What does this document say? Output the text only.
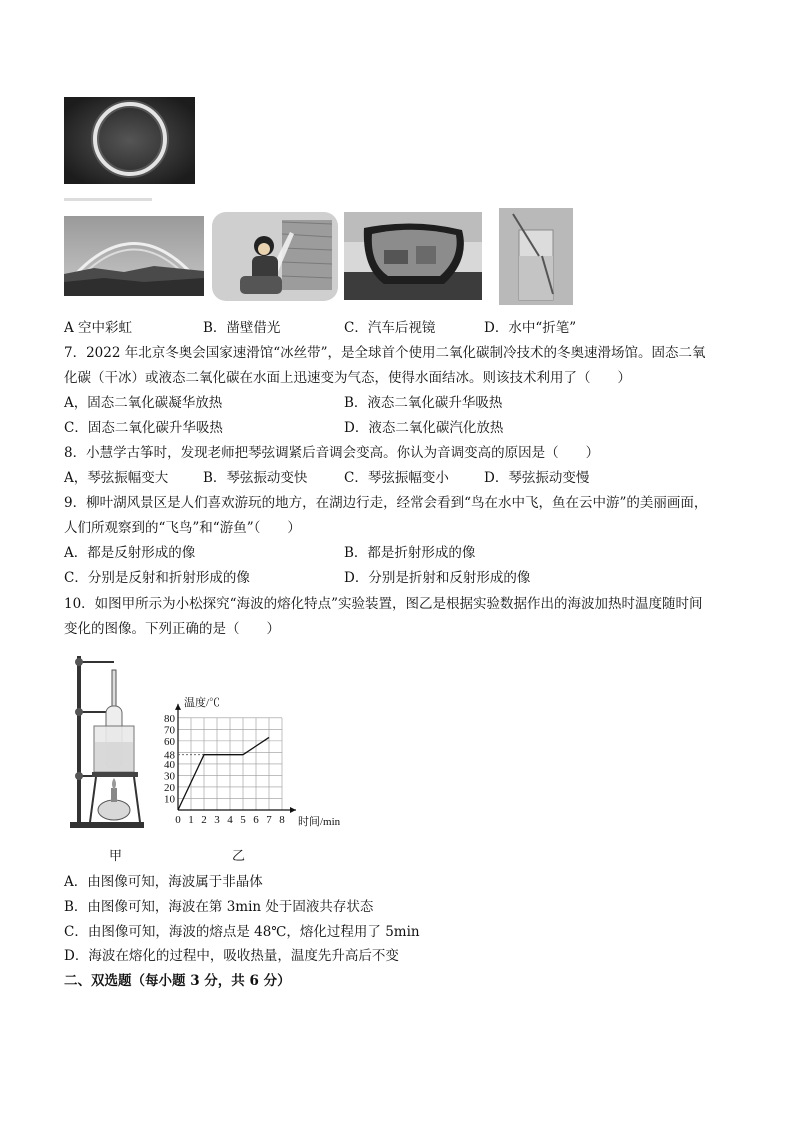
A 空中彩虹	B．凿壁借光	C．汽车后视镜	D．水中“折笔”
7．2022 年北京冬奥会国家速滑馆“冰丝带”，是全球首个使用二氧化碳制冷技术的冬奥速滑场馆。固态二氧
化碳（干冰）或液态二氧化碳在水面上迅速变为气态，使得水面结冰。则该技术利用了（　　）
A，固态二氧化碳凝华放热	B．液态二氧化碳升华吸热
C．固态二氧化碳升华吸热	D．液态二氧化碳汽化放热
8．小慧学古筝时，发现老师把琴弦调紧后音调会变高。你认为音调变高的原因是（　　）
A，琴弦振幅变大	B．琴弦振动变快	C．琴弦振幅变小	D．琴弦振动变慢
9．柳叶湖风景区是人们喜欢游玩的地方，在湖边行走，经常会看到“鸟在水中飞，鱼在云中游”的美丽画面，
人们所观察到的“飞鸟”和“游鱼”（　　）
A．都是反射形成的像	B．都是折射形成的像
C．分别是反射和折射形成的像	D．分别是折射和反射形成的像
10．如图甲所示为小松探究“海波的熔化特点”实验装置，图乙是根据实验数据作出的海波加热时温度随时间
变化的图像。下列正确的是（　　）
甲
0 1 2 3 4 5 6 7 8
10
20
30
40
48
60
70
80
温度/℃
时间/min
乙
A．由图像可知，海波属于非晶体
B．由图像可知，海波在第 3min 处于固液共存状态
C．由图像可知，海波的熔点是 48℃，熔化过程用了 5min
D．海波在熔化的过程中，吸收热量，温度先升高后不变
二、双选题（每小题 3 分，共 6 分）
